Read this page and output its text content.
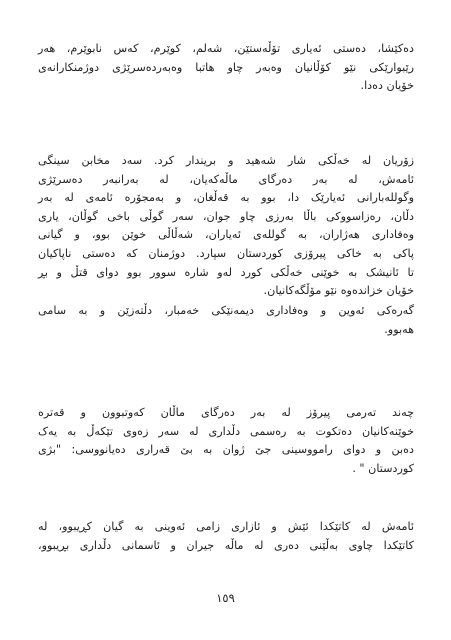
دەکێشا، دەستی ئەیاری تۆڵەستێن، شەلم، کوێرم، کەس نابوێرم، هەر
رێبوارێکی نێو کۆڵانیان وەبەر چاو هاتبا وەبەردەسرێژی دوژمنکارانەی
خۆیان دەدا.
زۆریان لە خەڵکی شار شەهید و بریندار کرد. سەد مخابن سینگی
ئامەش، لە بەر دەرگای ماڵەکەیان، لە بەرانبەر دەسرێژی
وگوللەبارانی ئەیارێک دا، بوو بە قەڵغان، و بەمجۆرە ئامەی لە بەر
دڵان، رەزاسووکی باڵا بەرزی چاو جوان، سەر گوڵی باخی گوڵان، یاری
وەفاداری هەژاران، بە گوللەی ئەیاران، شەڵاڵی خوێن بوو، و گیانی
پاکی بە خاکی پیرۆزی کوردستان سپارد. دوژمنان کە دەستی ناپاکیان
تا ئانیشک بە خوێنی خەڵکی کورد لەو شارە سوور بوو دوای قتڵ و بڕ
خۆیان خزاندەوە نێو مۆڵگەکانیان.
گەرەکی ئەوین و وەفاداری دیمەنێکی خەمبار، دڵتەزێن و بە سامی
هەبوو.
چەند تەرمی پیرۆز لە بەر دەرگای ماڵان کەوتبوون و قەترە
خوێنەکانیان دەتکوت بە رەسمی دڵداری لە سەر زەوی تێکەڵ بە یەک
دەبن و دوای رامووسینی جێ ژوان بە بێ قەراری دەیانووسی: "بژی
کوردستان " .
ئامەش لە کاتێکدا ئێش و ئازاری زامی ئەوینی بە گیان کڕیبوو، لە
کاتێکدا چاوی بەڵێنی دەری لە ماڵە جیران و ئاسمانی دڵداری بڕیبوو،
١٥٩
